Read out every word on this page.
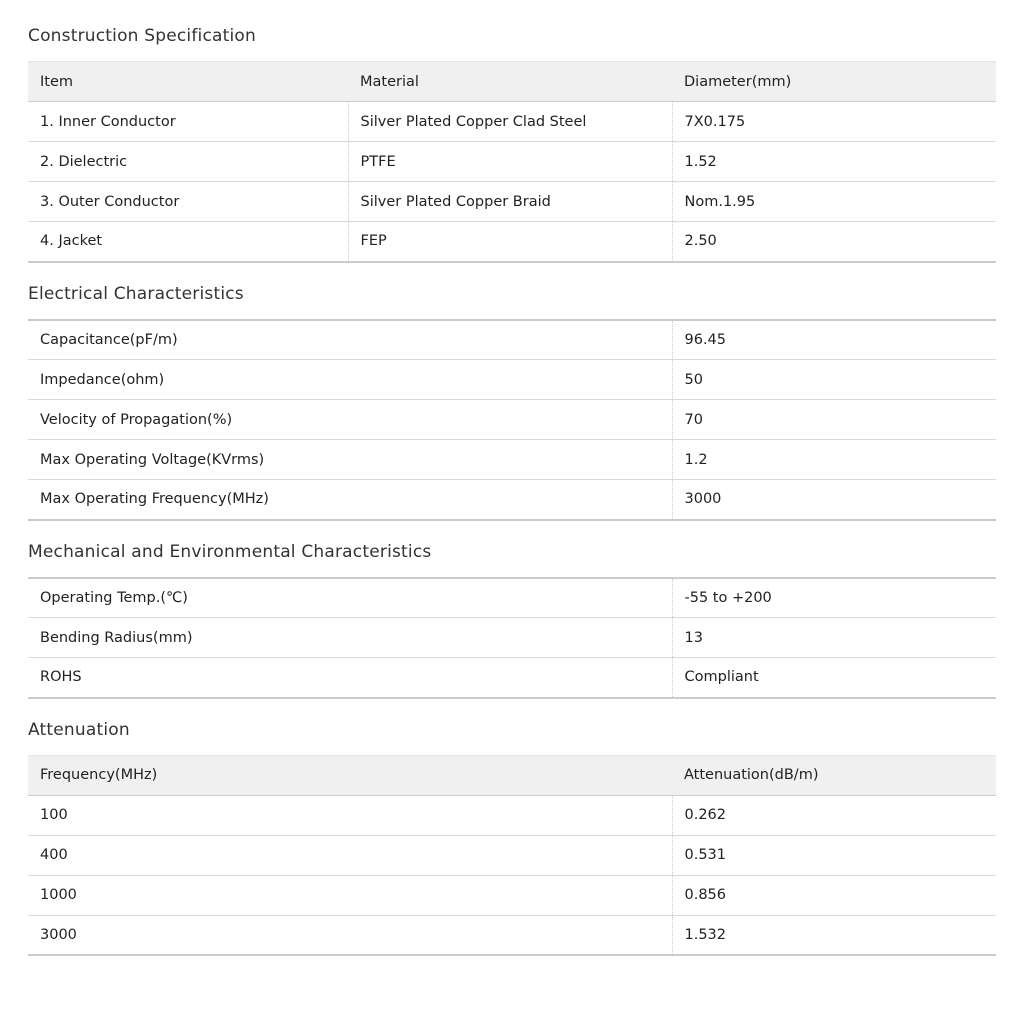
Construction Specification
Item	Material	Diameter(mm)
1. Inner Conductor	Silver Plated Copper Clad Steel	7X0.175
2. Dielectric	PTFE	1.52
3. Outer Conductor	Silver Plated Copper Braid	Nom.1.95
4. Jacket	FEP	2.50
Electrical Characteristics
Capacitance(pF/m)	96.45
Impedance(ohm)	50
Velocity of Propagation(%)	70
Max Operating Voltage(KVrms)	1.2
Max Operating Frequency(MHz)	3000
Mechanical and Environmental Characteristics
Operating Temp.(℃)	-55 to +200
Bending Radius(mm)	13
ROHS	Compliant
Attenuation
Frequency(MHz)	Attenuation(dB/m)
100	0.262
400	0.531
1000	0.856
3000	1.532
